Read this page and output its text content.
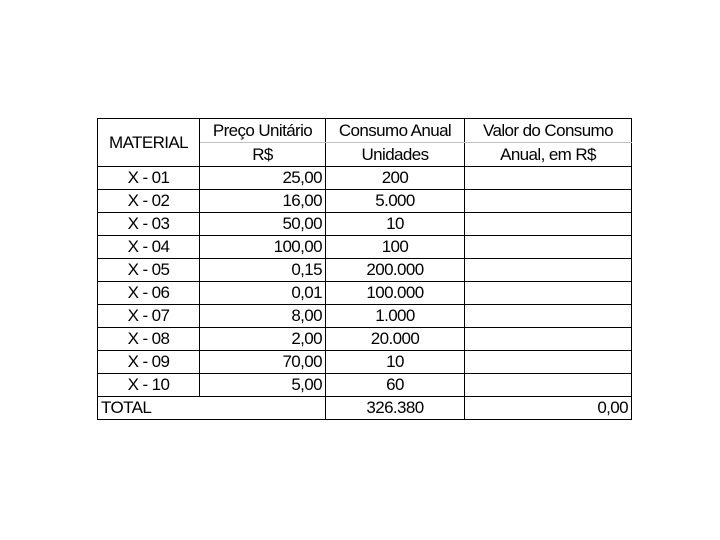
MATERIAL	Preço Unitário	Consumo Anual	Valor do Consumo
	R$	Unidades	Anual, em R$
X - 01	25,00	200	
X - 02	16,00	5.000	
X - 03	50,00	10	
X - 04	100,00	100	
X - 05	0,15	200.000	
X - 06	0,01	100.000	
X - 07	8,00	1.000	
X - 08	2,00	20.000	
X - 09	70,00	10	
X - 10	5,00	60	
TOTAL		326.380	0,00
